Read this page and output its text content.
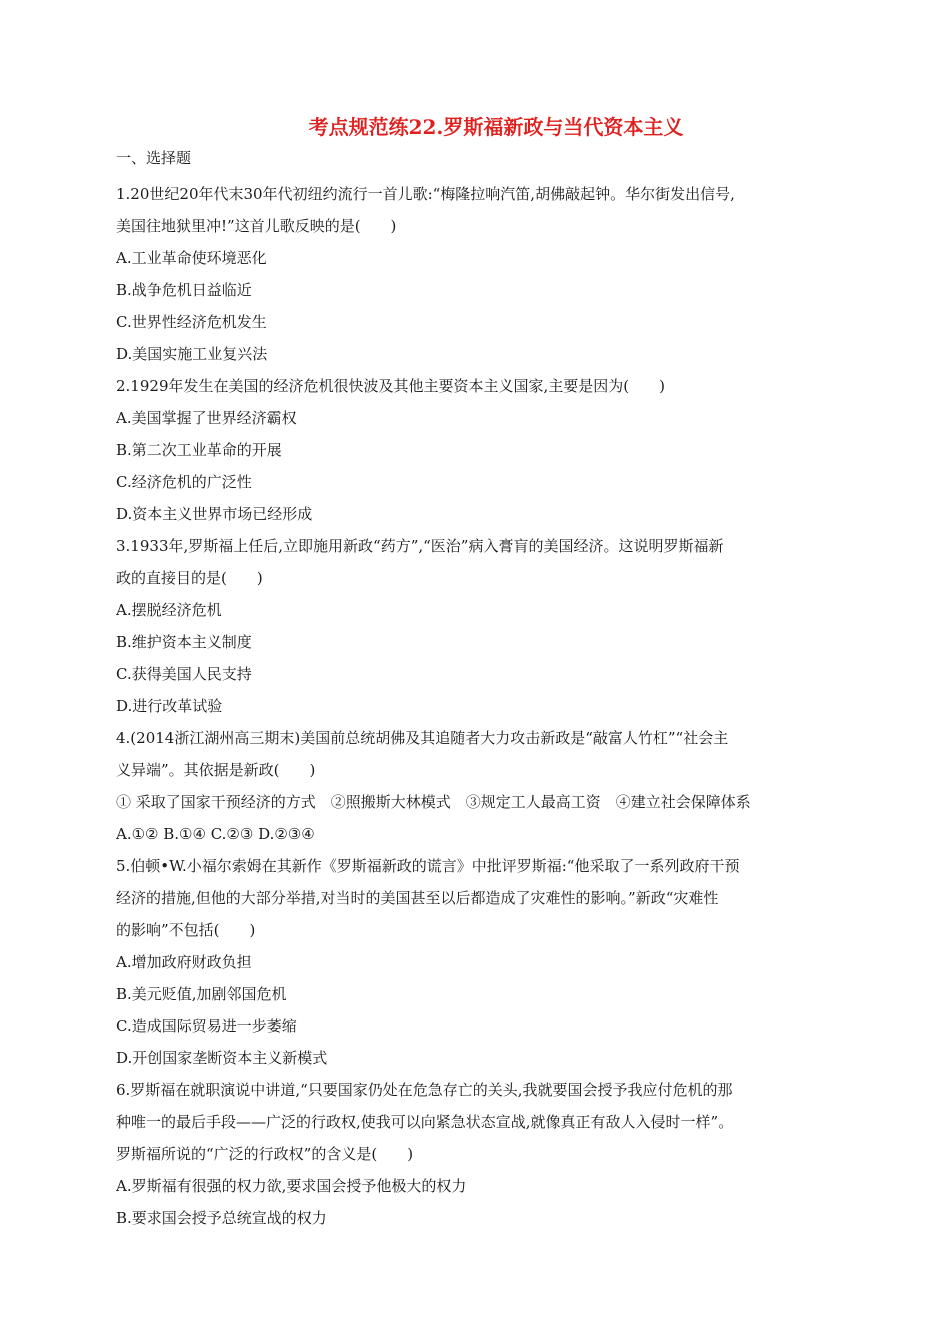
考点规范练22.罗斯福新政与当代资本主义
一、选择题
1.20世纪20年代末30年代初纽约流行一首儿歌:“梅隆拉响汽笛,胡佛敲起钟。华尔街发出信号,
美国往地狱里冲!”这首儿歌反映的是(　　)
A.工业革命使环境恶化
B.战争危机日益临近
C.世界性经济危机发生
D.美国实施工业复兴法
2.1929年发生在美国的经济危机很快波及其他主要资本主义国家,主要是因为(　　)
A.美国掌握了世界经济霸权
B.第二次工业革命的开展
C.经济危机的广泛性
D.资本主义世界市场已经形成
3.1933年,罗斯福上任后,立即施用新政“药方”,“医治”病入膏肓的美国经济。这说明罗斯福新
政的直接目的是(　　)
A.摆脱经济危机
B.维护资本主义制度
C.获得美国人民支持
D.进行改革试验
4.(2014浙江湖州高三期末)美国前总统胡佛及其追随者大力攻击新政是“敲富人竹杠”“社会主
义异端”。其依据是新政(　　)
① 采取了国家干预经济的方式　②照搬斯大林模式　③规定工人最高工资　④建立社会保障体系
A.①② B.①④ C.②③ D.②③④
5.伯顿•W.小福尔索姆在其新作《罗斯福新政的谎言》中批评罗斯福:“他采取了一系列政府干预
经济的措施,但他的大部分举措,对当时的美国甚至以后都造成了灾难性的影响。”新政“灾难性
的影响”不包括(　　)
A.增加政府财政负担
B.美元贬值,加剧邻国危机
C.造成国际贸易进一步萎缩
D.开创国家垄断资本主义新模式
6.罗斯福在就职演说中讲道,“只要国家仍处在危急存亡的关头,我就要国会授予我应付危机的那
种唯一的最后手段——广泛的行政权,使我可以向紧急状态宣战,就像真正有敌人入侵时一样”。
罗斯福所说的“广泛的行政权”的含义是(　　)
A.罗斯福有很强的权力欲,要求国会授予他极大的权力
B.要求国会授予总统宣战的权力
